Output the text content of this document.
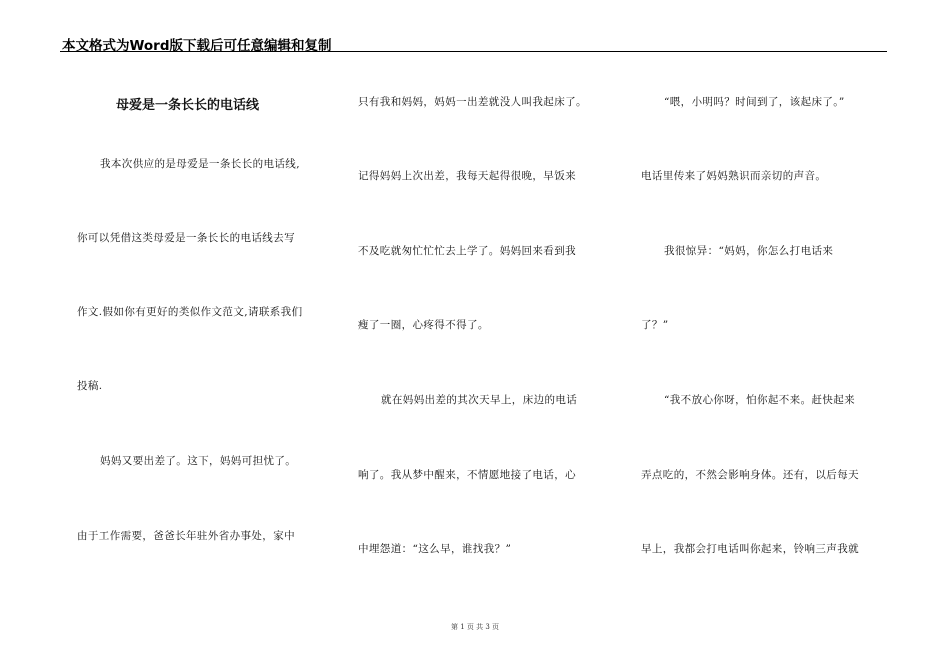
本文格式为Word版下载后可任意编辑和复制
母爱是一条长长的电话线
我本次供应的是母爱是一条长长的电话线,
你可以凭借这类母爱是一条长长的电话线去写
作文.假如你有更好的类似作文范文,请联系我们
投稿.
妈妈又要出差了。这下，妈妈可担忧了。
由于工作需要，爸爸长年驻外省办事处，家中
只有我和妈妈，妈妈一出差就没人叫我起床了。
记得妈妈上次出差，我每天起得很晚，早饭来
不及吃就匆忙忙忙去上学了。妈妈回来看到我
瘦了一圈，心疼得不得了。
就在妈妈出差的其次天早上，床边的电话
响了。我从梦中醒来，不情愿地接了电话，心
中埋怨道：“这么早，谁找我？”
“喂，小明吗？时间到了，该起床了。”
电话里传来了妈妈熟识而亲切的声音。
我很惊异：“妈妈，你怎么打电话来
了？”
“我不放心你呀，怕你起不来。赶快起来
弄点吃的，不然会影响身体。还有，以后每天
早上，我都会打电话叫你起来，铃响三声我就
第 1 页 共 3 页
